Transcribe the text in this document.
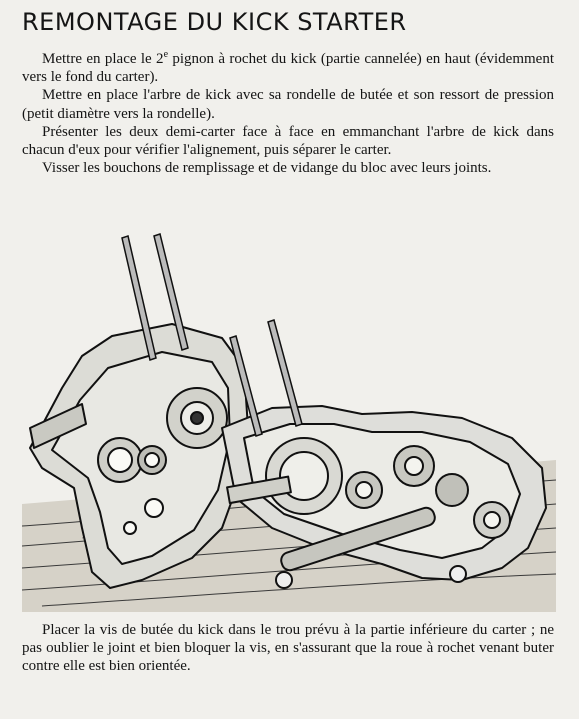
REMONTAGE DU KICK STARTER

Mettre en place le 2e pignon à rochet du kick (partie cannelée) en haut (évidemment vers le fond du carter).

Mettre en place l'arbre de kick avec sa rondelle de butée et son ressort de pression (petit diamètre vers la rondelle).

Présenter les deux demi-carter face à face en emmanchant l'arbre de kick dans chacun d'eux pour vérifier l'alignement, puis séparer le carter.

Visser les bouchons de remplissage et de vidange du bloc avec leurs joints.

Placer la vis de butée du kick dans le trou prévu à la partie inférieure du carter ; ne pas oublier le joint et bien bloquer la vis, en s'assurant que la roue à rochet venant buter contre elle est bien orientée.
